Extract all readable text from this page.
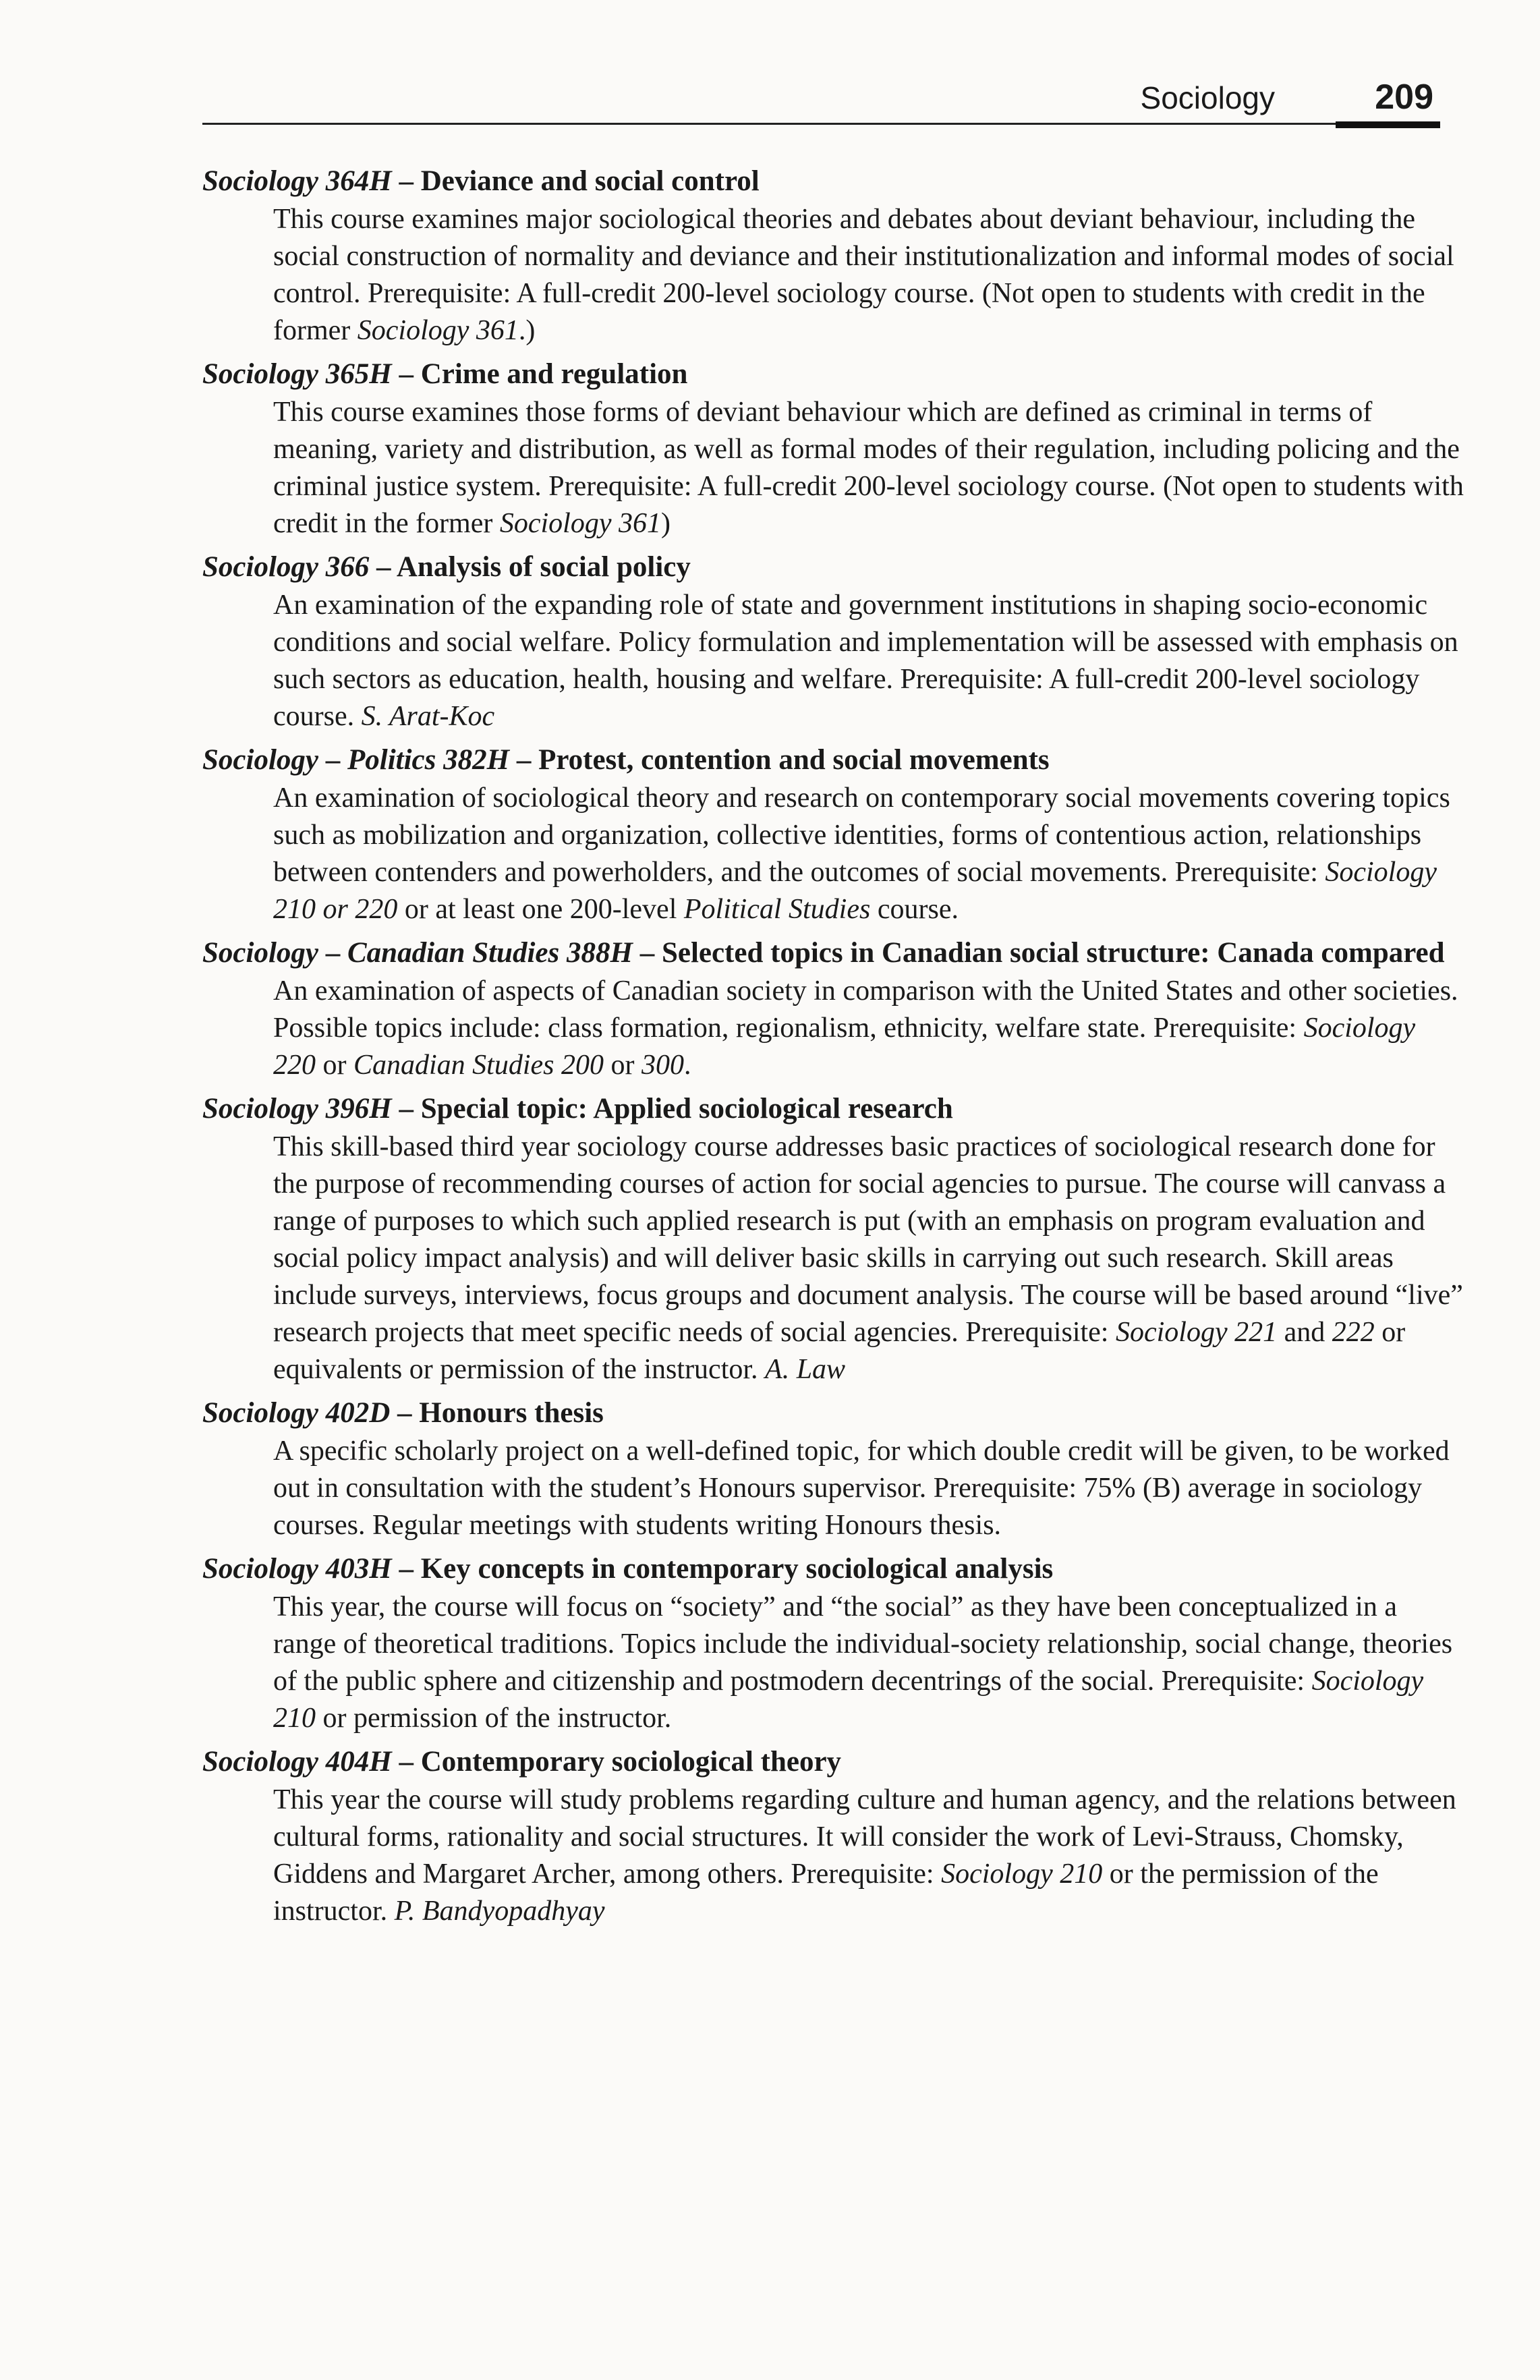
Sociology	209
Sociology 364H – Deviance and social control
This course examines major sociological theories and debates about deviant behaviour, including the social construction of normality and deviance and their institutionalization and informal modes of social control. Prerequisite: A full-credit 200-level sociology course. (Not open to students with credit in the former Sociology 361.)
Sociology 365H – Crime and regulation
This course examines those forms of deviant behaviour which are defined as criminal in terms of meaning, variety and distribution, as well as formal modes of their regulation, including policing and the criminal justice system. Prerequisite: A full-credit 200-level sociology course. (Not open to students with credit in the former Sociology 361)
Sociology 366 – Analysis of social policy
An examination of the expanding role of state and government institutions in shaping socio-economic conditions and social welfare. Policy formulation and implementation will be assessed with emphasis on such sectors as education, health, housing and welfare. Prerequisite: A full-credit 200-level sociology course. S. Arat-Koc
Sociology – Politics 382H – Protest, contention and social movements
An examination of sociological theory and research on contemporary social movements covering topics such as mobilization and organization, collective identities, forms of contentious action, relationships between contenders and powerholders, and the outcomes of social movements. Prerequisite: Sociology 210 or 220 or at least one 200-level Political Studies course.
Sociology – Canadian Studies 388H – Selected topics in Canadian social structure: Canada compared
An examination of aspects of Canadian society in comparison with the United States and other societies. Possible topics include: class formation, regionalism, ethnicity, welfare state. Prerequisite: Sociology 220 or Canadian Studies 200 or 300.
Sociology 396H – Special topic: Applied sociological research
This skill-based third year sociology course addresses basic practices of sociological research done for the purpose of recommending courses of action for social agencies to pursue. The course will canvass a range of purposes to which such applied research is put (with an emphasis on program evaluation and social policy impact analysis) and will deliver basic skills in carrying out such research. Skill areas include surveys, interviews, focus groups and document analysis. The course will be based around “live” research projects that meet specific needs of social agencies. Prerequisite: Sociology 221 and 222 or equivalents or permission of the instructor. A. Law
Sociology 402D – Honours thesis
A specific scholarly project on a well-defined topic, for which double credit will be given, to be worked out in consultation with the student’s Honours supervisor. Prerequisite: 75% (B) average in sociology courses. Regular meetings with students writing Honours thesis.
Sociology 403H – Key concepts in contemporary sociological analysis
This year, the course will focus on “society” and “the social” as they have been conceptualized in a range of theoretical traditions. Topics include the individual-society relationship, social change, theories of the public sphere and citizenship and postmodern decentrings of the social. Prerequisite: Sociology 210 or permission of the instructor.
Sociology 404H – Contemporary sociological theory
This year the course will study problems regarding culture and human agency, and the relations between cultural forms, rationality and social structures. It will consider the work of Levi-Strauss, Chomsky, Giddens and Margaret Archer, among others. Prerequisite: Sociology 210 or the permission of the instructor. P. Bandyopadhyay
